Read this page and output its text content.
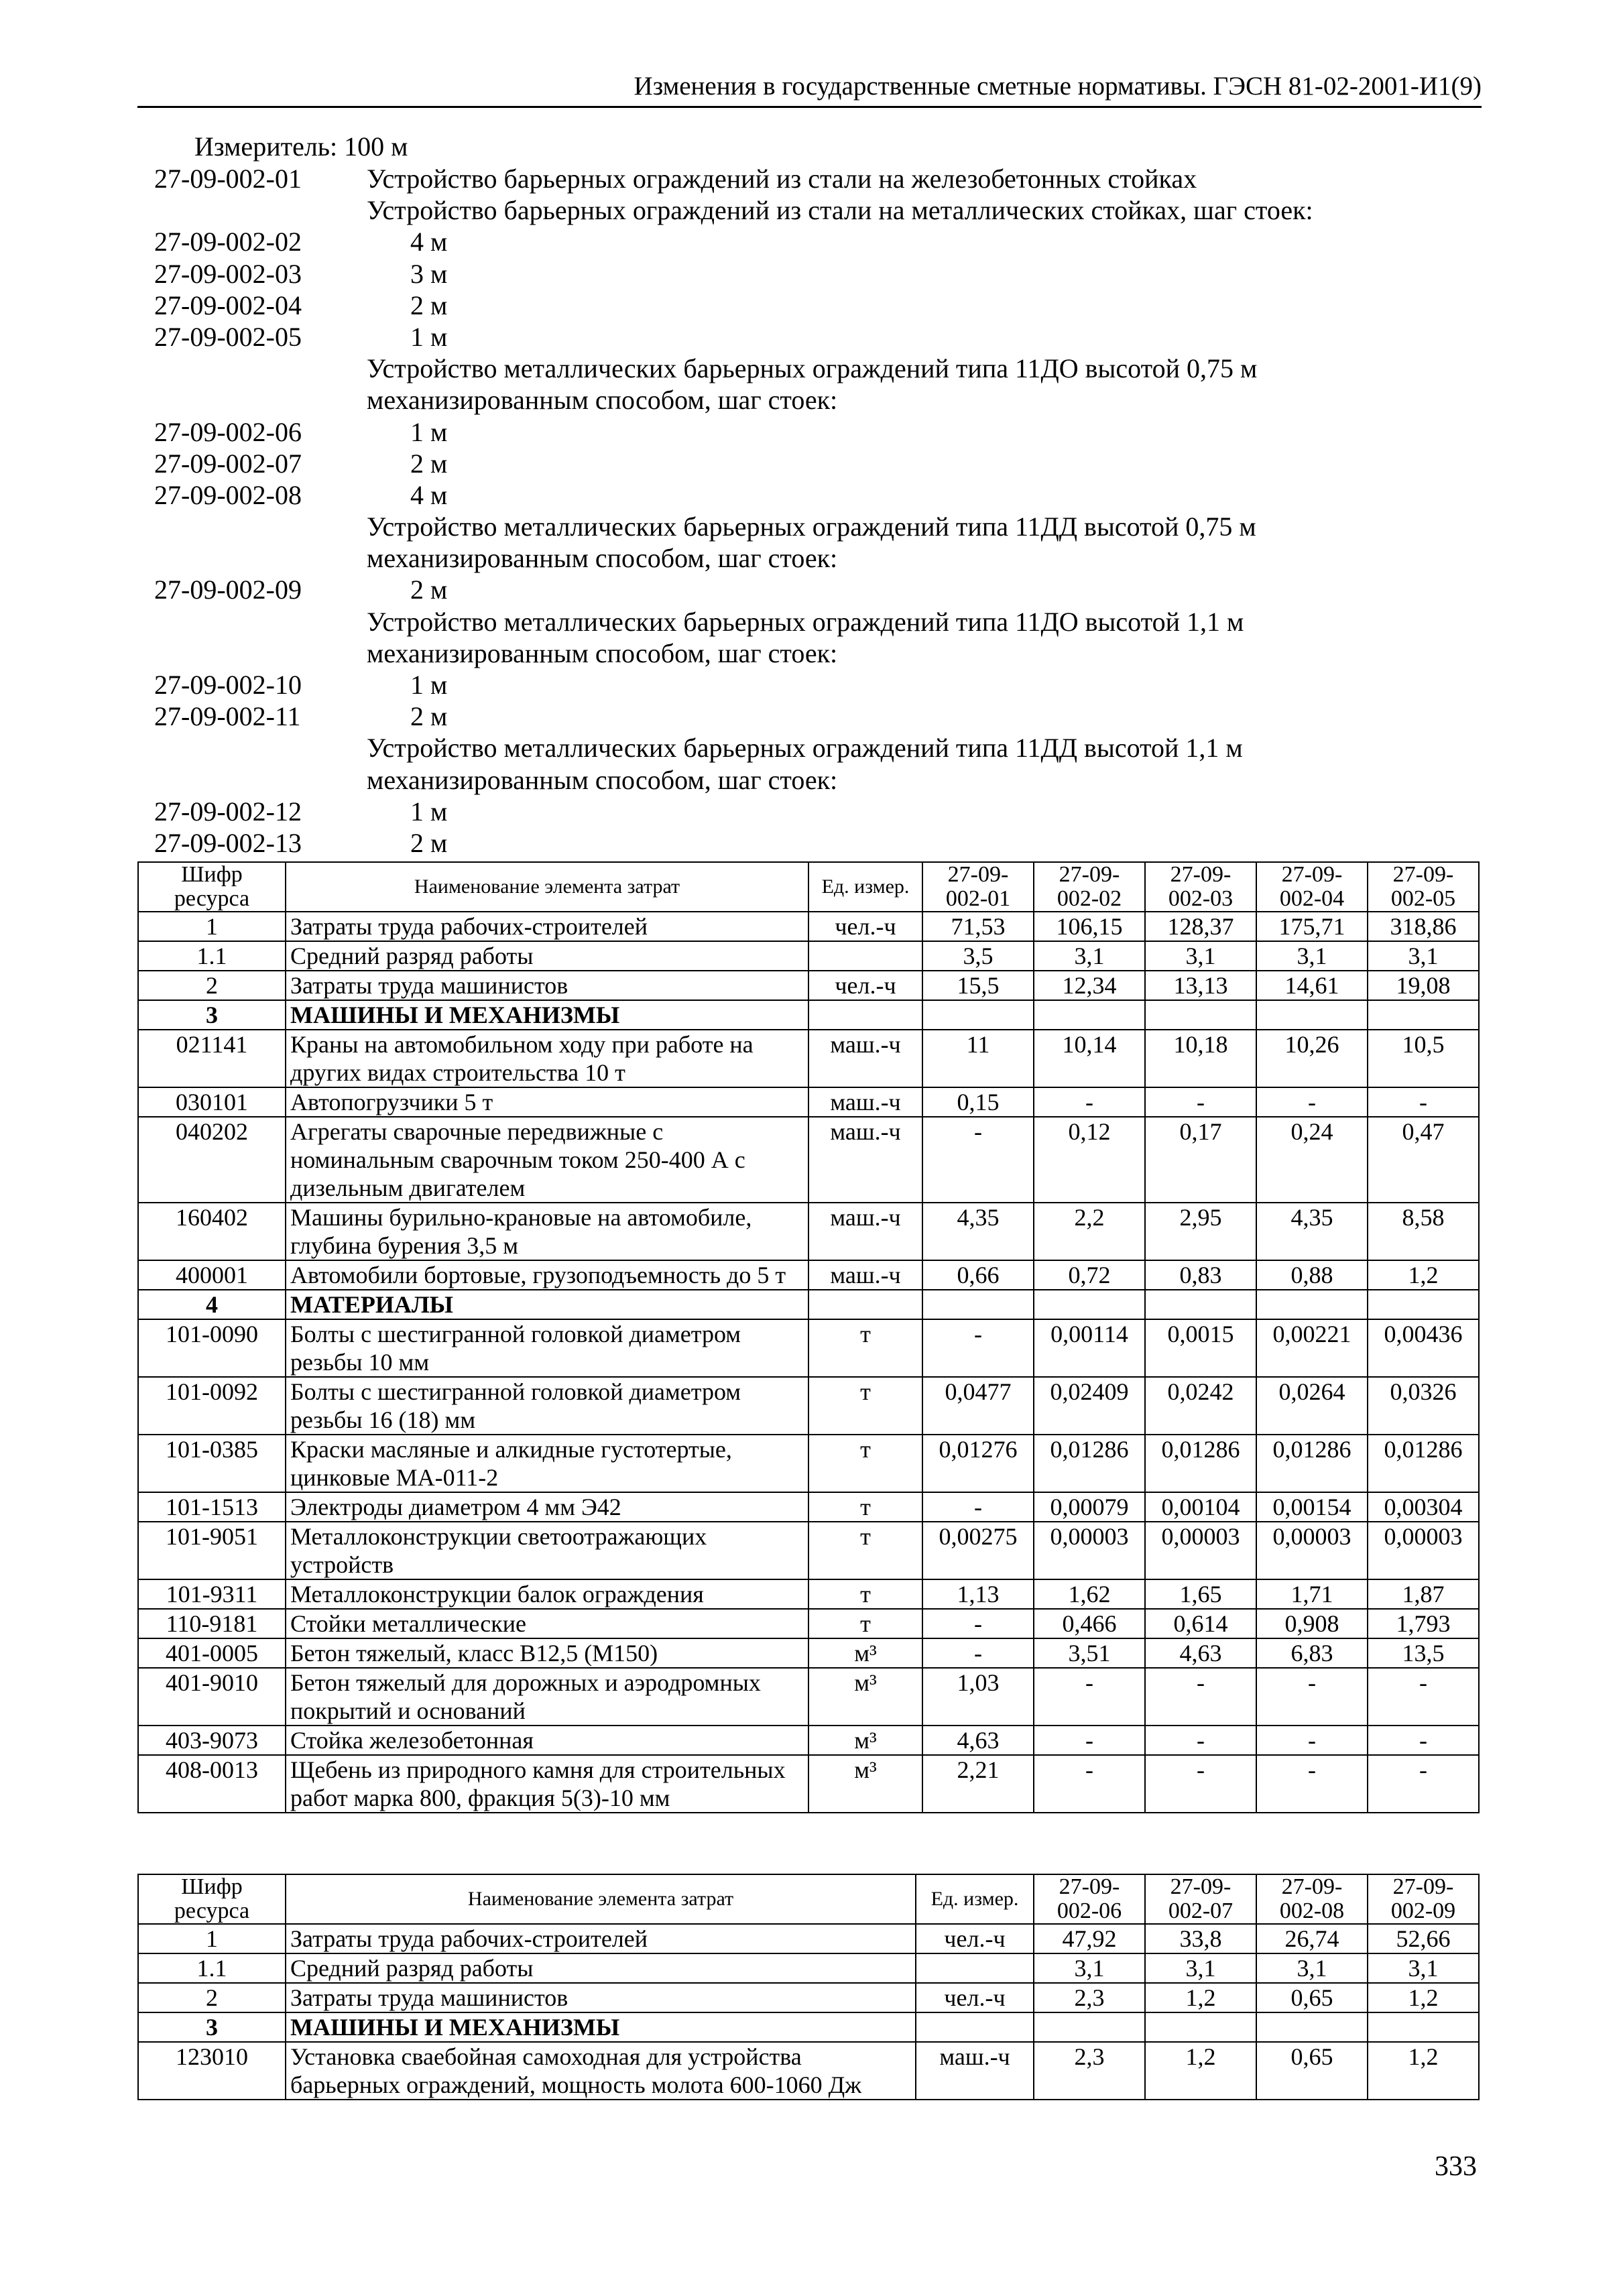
Изменения в государственные сметные нормативы. ГЭСН 81-02-2001-И1(9)
Измеритель: 100 м
27-09-002-01	Устройство барьерных ограждений из стали на железобетонных стойках
Устройство барьерных ограждений из стали на металлических стойках, шаг стоек:
27-09-002-02	4 м
27-09-002-03	3 м
27-09-002-04	2 м
27-09-002-05	1 м
Устройство металлических барьерных ограждений типа 11ДО высотой 0,75 м
механизированным способом, шаг стоек:
27-09-002-06	1 м
27-09-002-07	2 м
27-09-002-08	4 м
Устройство металлических барьерных ограждений типа 11ДД высотой 0,75 м
механизированным способом, шаг стоек:
27-09-002-09	2 м
Устройство металлических барьерных ограждений типа 11ДО высотой 1,1 м
механизированным способом, шаг стоек:
27-09-002-10	1 м
27-09-002-11	2 м
Устройство металлических барьерных ограждений типа 11ДД высотой 1,1 м
механизированным способом, шаг стоек:
27-09-002-12	1 м
27-09-002-13	2 м
Шифр ресурса	Наименование элемента затрат	Ед. измер.	27-09-002-01	27-09-002-02	27-09-002-03	27-09-002-04	27-09-002-05
1	Затраты труда рабочих-строителей	чел.-ч	71,53	106,15	128,37	175,71	318,86
1.1	Средний разряд работы		3,5	3,1	3,1	3,1	3,1
2	Затраты труда машинистов	чел.-ч	15,5	12,34	13,13	14,61	19,08
3	МАШИНЫ И МЕХАНИЗМЫ						
021141	Краны на автомобильном ходу при работе на других видах строительства 10 т	маш.-ч	11	10,14	10,18	10,26	10,5
030101	Автопогрузчики 5 т	маш.-ч	0,15	-	-	-	-
040202	Агрегаты сварочные передвижные с номинальным сварочным током 250-400 А с дизельным двигателем	маш.-ч	-	0,12	0,17	0,24	0,47
160402	Машины бурильно-крановые на автомобиле, глубина бурения 3,5 м	маш.-ч	4,35	2,2	2,95	4,35	8,58
400001	Автомобили бортовые, грузоподъемность до 5 т	маш.-ч	0,66	0,72	0,83	0,88	1,2
4	МАТЕРИАЛЫ						
101-0090	Болты с шестигранной головкой диаметром резьбы 10 мм	т	-	0,00114	0,0015	0,00221	0,00436
101-0092	Болты с шестигранной головкой диаметром резьбы 16 (18) мм	т	0,0477	0,02409	0,0242	0,0264	0,0326
101-0385	Краски масляные и алкидные густотертые, цинковые МА-011-2	т	0,01276	0,01286	0,01286	0,01286	0,01286
101-1513	Электроды диаметром 4 мм Э42	т	-	0,00079	0,00104	0,00154	0,00304
101-9051	Металлоконструкции светоотражающих устройств	т	0,00275	0,00003	0,00003	0,00003	0,00003
101-9311	Металлоконструкции балок ограждения	т	1,13	1,62	1,65	1,71	1,87
110-9181	Стойки металлические	т	-	0,466	0,614	0,908	1,793
401-0005	Бетон тяжелый, класс В12,5 (М150)	м³	-	3,51	4,63	6,83	13,5
401-9010	Бетон тяжелый для дорожных и аэродромных покрытий и оснований	м³	1,03	-	-	-	-
403-9073	Стойка железобетонная	м³	4,63	-	-	-	-
408-0013	Щебень из природного камня для строительных работ марка 800, фракция 5(3)-10 мм	м³	2,21	-	-	-	-
Шифр ресурса	Наименование элемента затрат	Ед. измер.	27-09-002-06	27-09-002-07	27-09-002-08	27-09-002-09
1	Затраты труда рабочих-строителей	чел.-ч	47,92	33,8	26,74	52,66
1.1	Средний разряд работы		3,1	3,1	3,1	3,1
2	Затраты труда машинистов	чел.-ч	2,3	1,2	0,65	1,2
3	МАШИНЫ И МЕХАНИЗМЫ					
123010	Установка сваебойная самоходная для устройства барьерных ограждений, мощность молота 600-1060 Дж	маш.-ч	2,3	1,2	0,65	1,2
333
